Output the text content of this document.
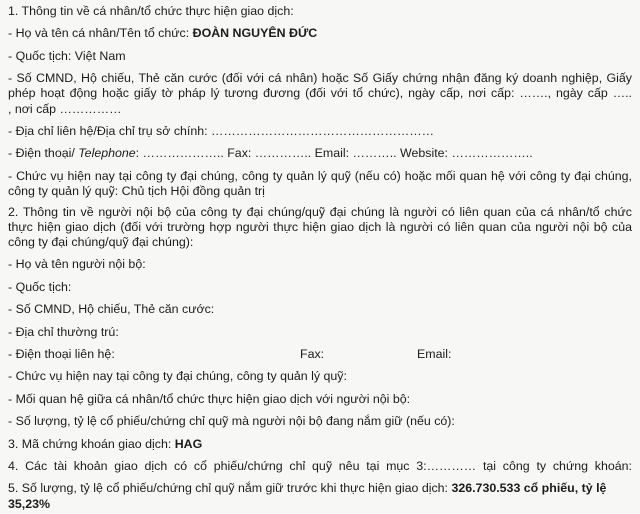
1. Thông tin về cá nhân/tổ chức thực hiện giao dịch:

- Họ và tên cá nhân/Tên tổ chức: ĐOÀN NGUYÊN ĐỨC

- Quốc tịch: Việt Nam

- Số CMND, Hộ chiếu, Thẻ căn cước (đối với cá nhân) hoặc Số Giấy chứng nhận đăng ký doanh nghiệp, Giấy

phép hoạt động hoặc giấy tờ pháp lý tương đương (đối với tổ chức), ngày cấp, nơi cấp: ……., ngày cấp …..

, nơi cấp ……………

- Địa chỉ liên hệ/Địa chỉ trụ sở chính: ………………………………………………

- Điện thoại/ Telephone: ……………….. Fax: ………….. Email: ……….. Website: ………………..

- Chức vụ hiện nay tại công ty đại chúng, công ty quản lý quỹ (nếu có) hoặc mối quan hệ với công ty đại chúng,

công ty quản lý quỹ: Chủ tịch Hội đồng quản trị

2. Thông tin về người nội bộ của công ty đại chúng/quỹ đại chúng là người có liên quan của cá nhân/tổ chức

thực hiện giao dịch (đối với trường hợp người thực hiện giao dịch là người có liên quan của người nội bộ của

công ty đại chúng/quỹ đại chúng):

- Họ và tên người nội bộ:

- Quốc tịch:

- Số CMND, Hộ chiếu, Thẻ căn cước:

- Địa chỉ thường trú:

- Điện thoại liên hệ:	Fax:	Email:

- Chức vụ hiện nay tại công ty đại chúng, công ty quản lý quỹ:

- Mối quan hệ giữa cá nhân/tổ chức thực hiện giao dịch với người nội bộ:

- Số lượng, tỷ lệ cổ phiếu/chứng chỉ quỹ mà người nội bộ đang nắm giữ (nếu có):

3. Mã chứng khoán giao dịch: HAG

4. Các tài khoản giao dịch có cổ phiếu/chứng chỉ quỹ nêu tại mục 3:………… tại công ty chứng khoán:

5. Số lượng, tỷ lệ cổ phiếu/chứng chỉ quỹ nắm giữ trước khi thực hiện giao dịch: 326.730.533 cổ phiếu, tỷ lệ

35,23%
